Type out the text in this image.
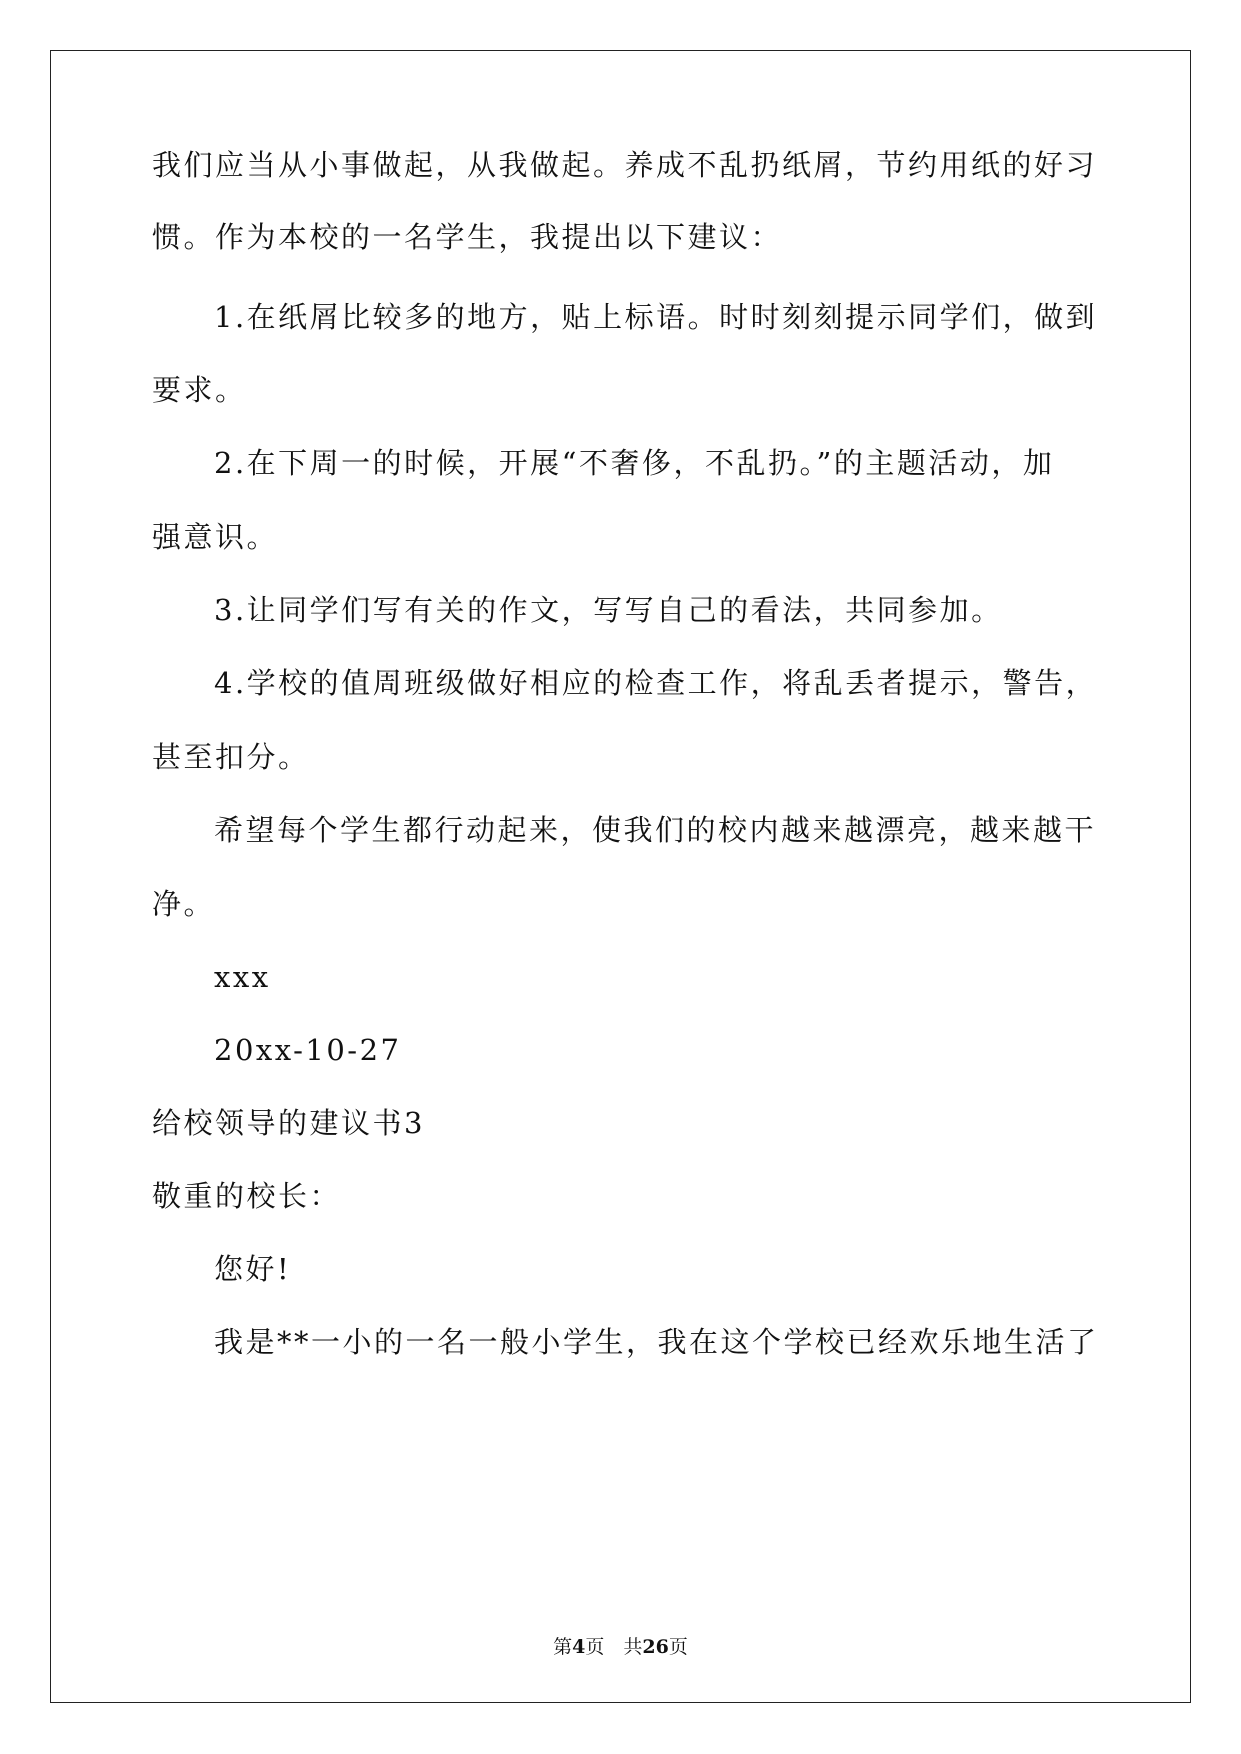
我们应当从小事做起，从我做起。养成不乱扔纸屑，节约用纸的好习
惯。作为本校的一名学生，我提出以下建议：
1.在纸屑比较多的地方，贴上标语。时时刻刻提示同学们，做到
要求。
2.在下周一的时候，开展“不奢侈，不乱扔。”的主题活动，加
强意识。
3.让同学们写有关的作文，写写自己的看法，共同参加。
4.学校的值周班级做好相应的检查工作，将乱丢者提示，警告，
甚至扣分。
希望每个学生都行动起来，使我们的校内越来越漂亮，越来越干
净。
xxx
20xx-10-27
给校领导的建议书3
敬重的校长：
您好!
我是**一小的一名一般小学生，我在这个学校已经欢乐地生活了
第4页　共26页
